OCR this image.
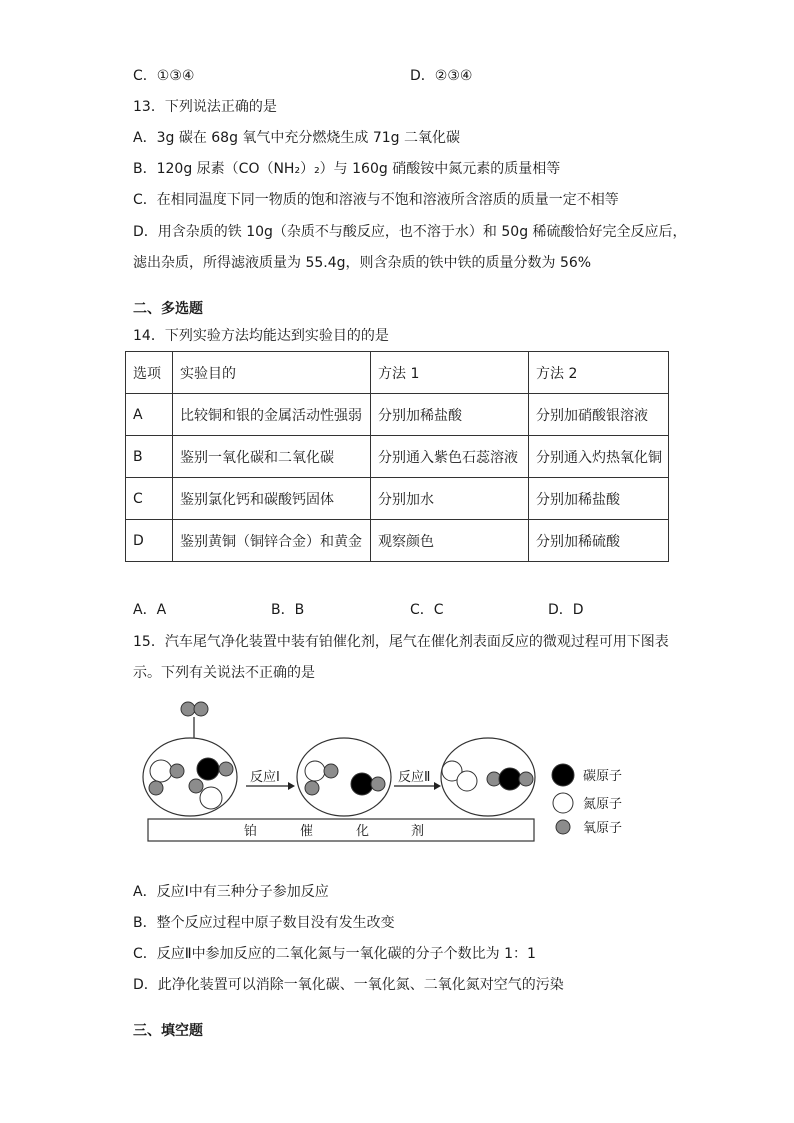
C．①③④	D．②③④
13．下列说法正确的是
A．3g 碳在 68g 氧气中充分燃烧生成 71g 二氧化碳
B．120g 尿素（CO（NH₂）₂）与 160g 硝酸铵中氮元素的质量相等
C．在相同温度下同一物质的饱和溶液与不饱和溶液所含溶质的质量一定不相等
D．用含杂质的铁 10g（杂质不与酸反应，也不溶于水）和 50g 稀硫酸恰好完全反应后，
滤出杂质，所得滤液质量为 55.4g，则含杂质的铁中铁的质量分数为 56%
二、多选题
14．下列实验方法均能达到实验目的的是
选项	实验目的	方法 1	方法 2
A	比较铜和银的金属活动性强弱	分别加稀盐酸	分别加硝酸银溶液
B	鉴别一氧化碳和二氧化碳	分别通入紫色石蕊溶液	分别通入灼热氧化铜
C	鉴别氯化钙和碳酸钙固体	分别加水	分别加稀盐酸
D	鉴别黄铜（铜锌合金）和黄金	观察颜色	分别加稀硫酸
A．A	B．B	C．C	D．D
15．汽车尾气净化装置中装有铂催化剂，尾气在催化剂表面反应的微观过程可用下图表
示。下列有关说法不正确的是
反应Ⅰ	反应Ⅱ	碳原子
氮原子
氧原子
铂	催	化	剂
A．反应Ⅰ中有三种分子参加反应
B．整个反应过程中原子数目没有发生改变
C．反应Ⅱ中参加反应的二氧化氮与一氧化碳的分子个数比为 1：1
D．此净化装置可以消除一氧化碳、一氧化氮、二氧化氮对空气的污染
三、填空题
